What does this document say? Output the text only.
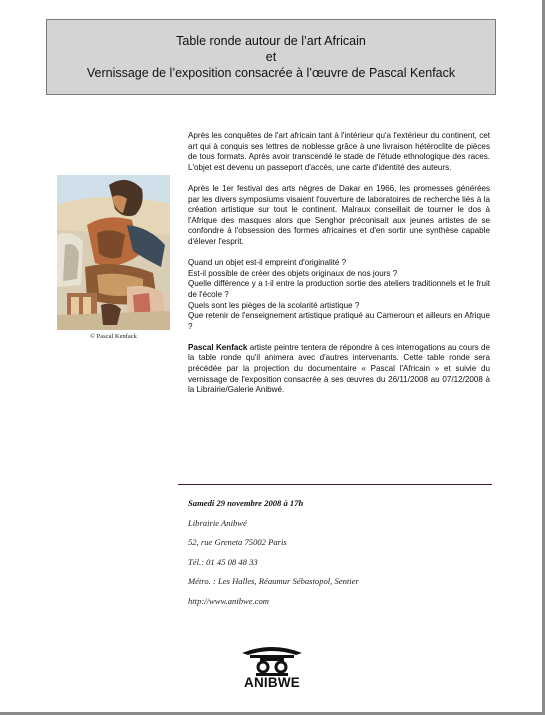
Table ronde autour de l’art Africain
et
Vernissage de l’exposition consacrée à l’œuvre de Pascal Kenfack
© Pascal Kenfack

Après les conquêtes de l'art africain tant à l'intérieur qu'a l'extérieur du continent, cet art qui à conquis ses lettres de noblesse grâce à une livraison hétéroclite de pièces de tous formats. Après avoir transcendé le stade de l'étude ethnologique des races. L'objet est devenu un passeport d'accès, une carte d'identité des auteurs.

Après le 1er festival des arts nègres de Dakar en 1966, les promesses générées par les divers symposiums visaient l'ouverture de laboratoires de recherche liés à la création artistique sur tout le continent. Malraux conseillait de tourner le dos à l'Afrique des masques alors que Senghor préconisait aux jeunes artistes de se confondre à l'obsession des formes africaines et d'en sortir une synthèse capable d'élever l'esprit.

Quand un objet est-il empreint d'originalité ?
Est-il possible de créer des objets originaux de nos jours ?
Quelle différence y a t-il entre la production sortie des ateliers traditionnels et le fruit de l'école ?
Quels sont les pièges de la scolarité artistique ?
Que retenir de l'enseignement artistique pratiqué au Cameroun et ailleurs en Afrique ?

Pascal Kenfack artiste peintre tentera de répondre à ces interrogations au cours de la table ronde qu'il animera avec d'autres intervenants. Cette table ronde sera précédée par la projection du documentaire « Pascal l'Africain » et suivie du vernissage de l'exposition consacrée à ses œuvres du 26/11/2008 au 07/12/2008 à la Librairie/Galerie Anibwé.

Samedi 29 novembre 2008 à 17h
Librairie Anibwé
52, rue Greneta 75002 Paris
Tél.: 01 45 08 48 33
Métro. : Les Halles, Réaumur Sébastopol, Sentier
http://www.anibwe.com
ANIBWE
